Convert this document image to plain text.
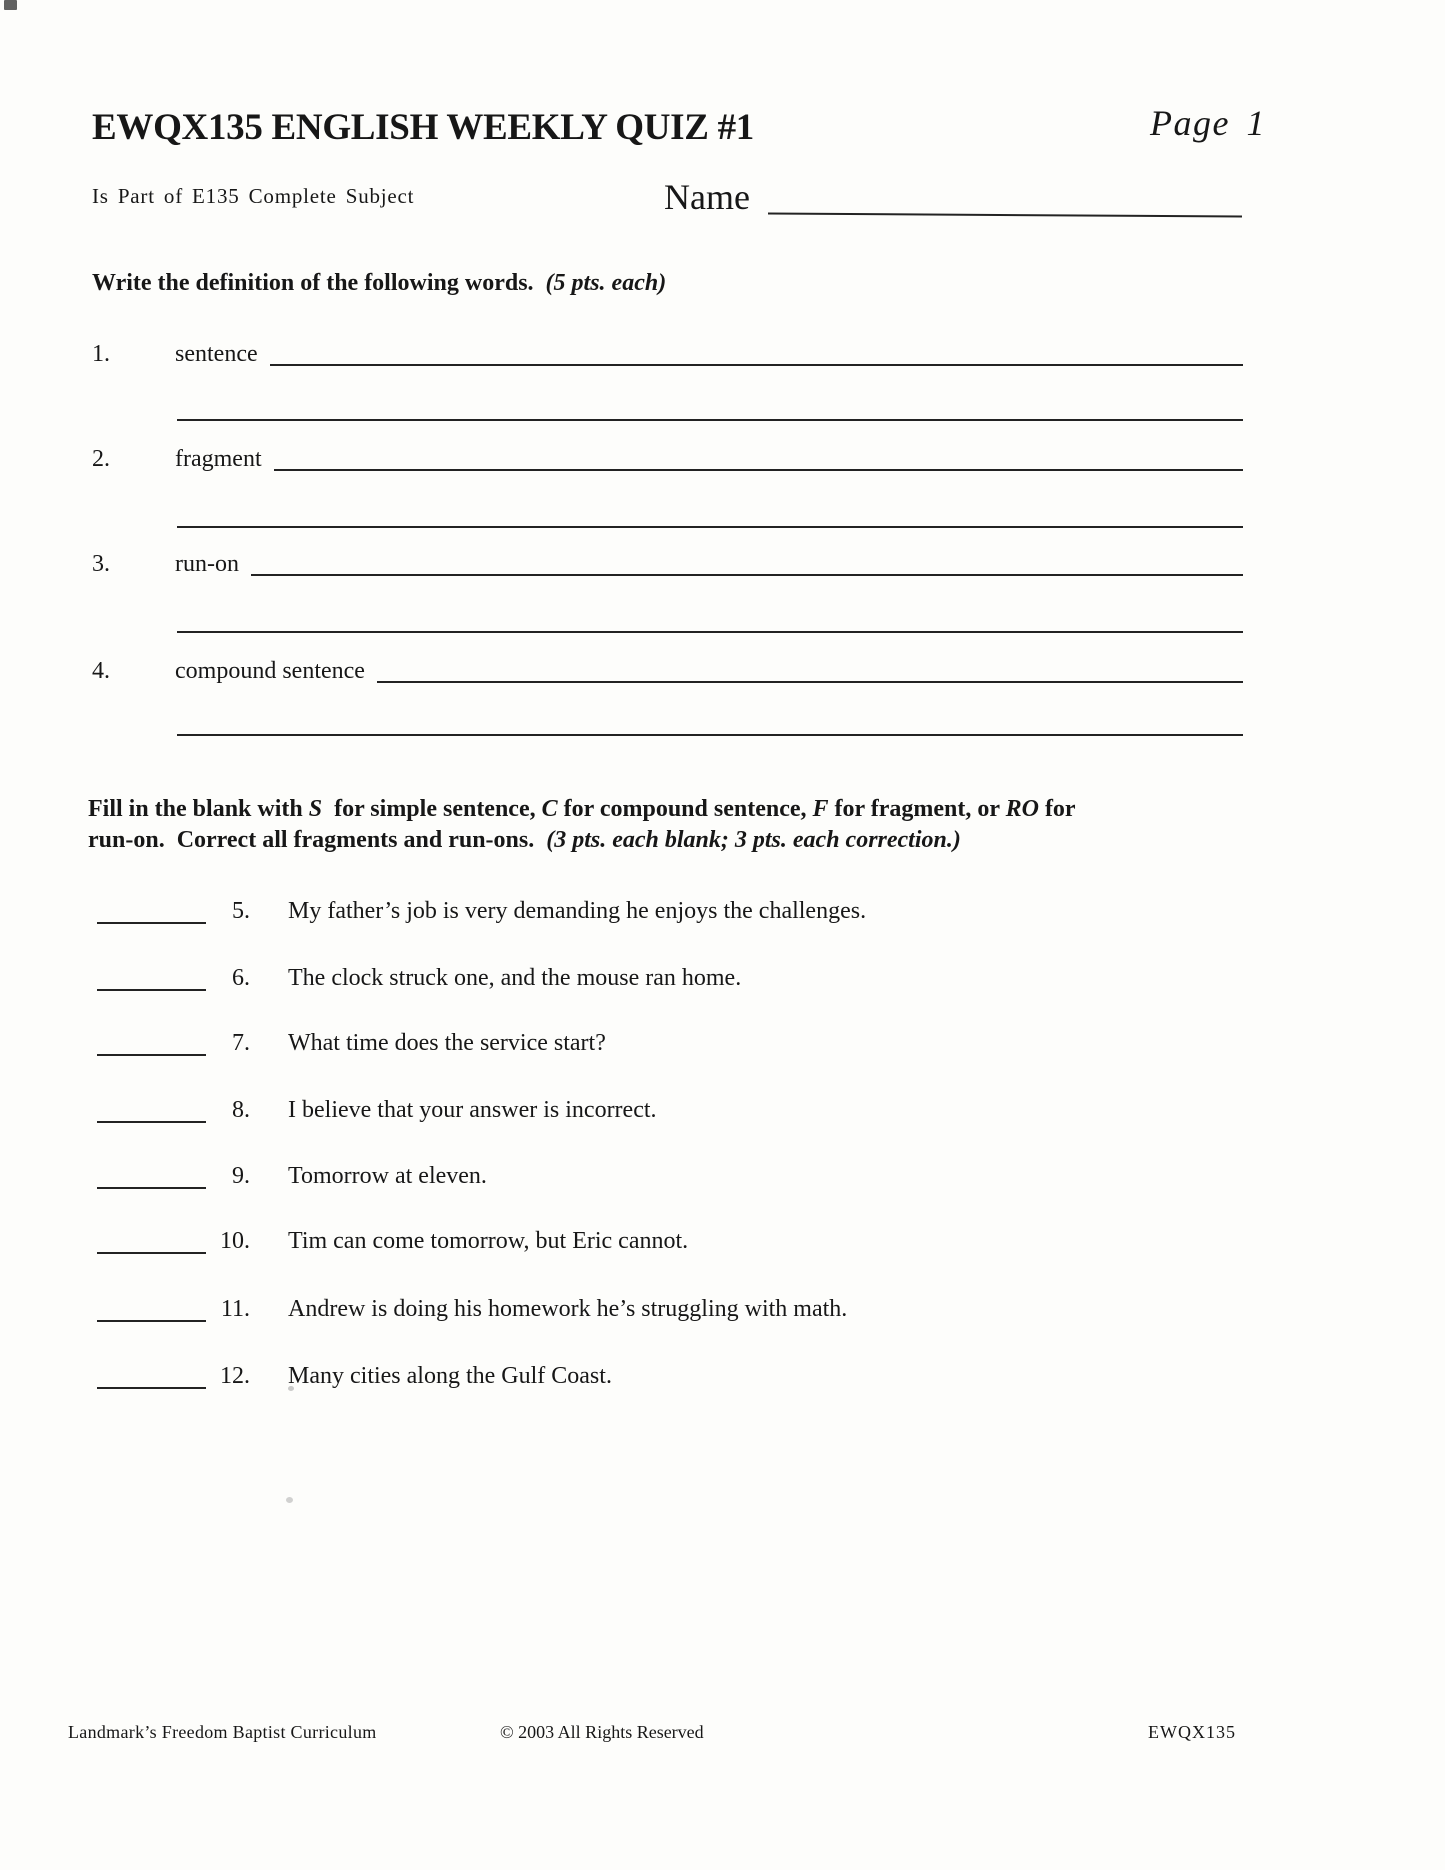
EWQX135 ENGLISH WEEKLY QUIZ #1	Page 1
Is Part of E135 Complete Subject	Name
Write the definition of the following words.  (5 pts. each)
1.	sentence
2.	fragment
3.	run-on
4.	compound sentence
Fill in the blank with S  for simple sentence, C for compound sentence, F for fragment, or RO for
run-on.  Correct all fragments and run-ons.  (3 pts. each blank; 3 pts. each correction.)
5. My father’s job is very demanding he enjoys the challenges.
6. The clock struck one, and the mouse ran home.
7. What time does the service start?
8. I believe that your answer is incorrect.
9. Tomorrow at eleven.
10. Tim can come tomorrow, but Eric cannot.
11. Andrew is doing his homework he’s struggling with math.
12. Many cities along the Gulf Coast.
Landmark’s Freedom Baptist Curriculum	© 2003 All Rights Reserved	EWQX135
